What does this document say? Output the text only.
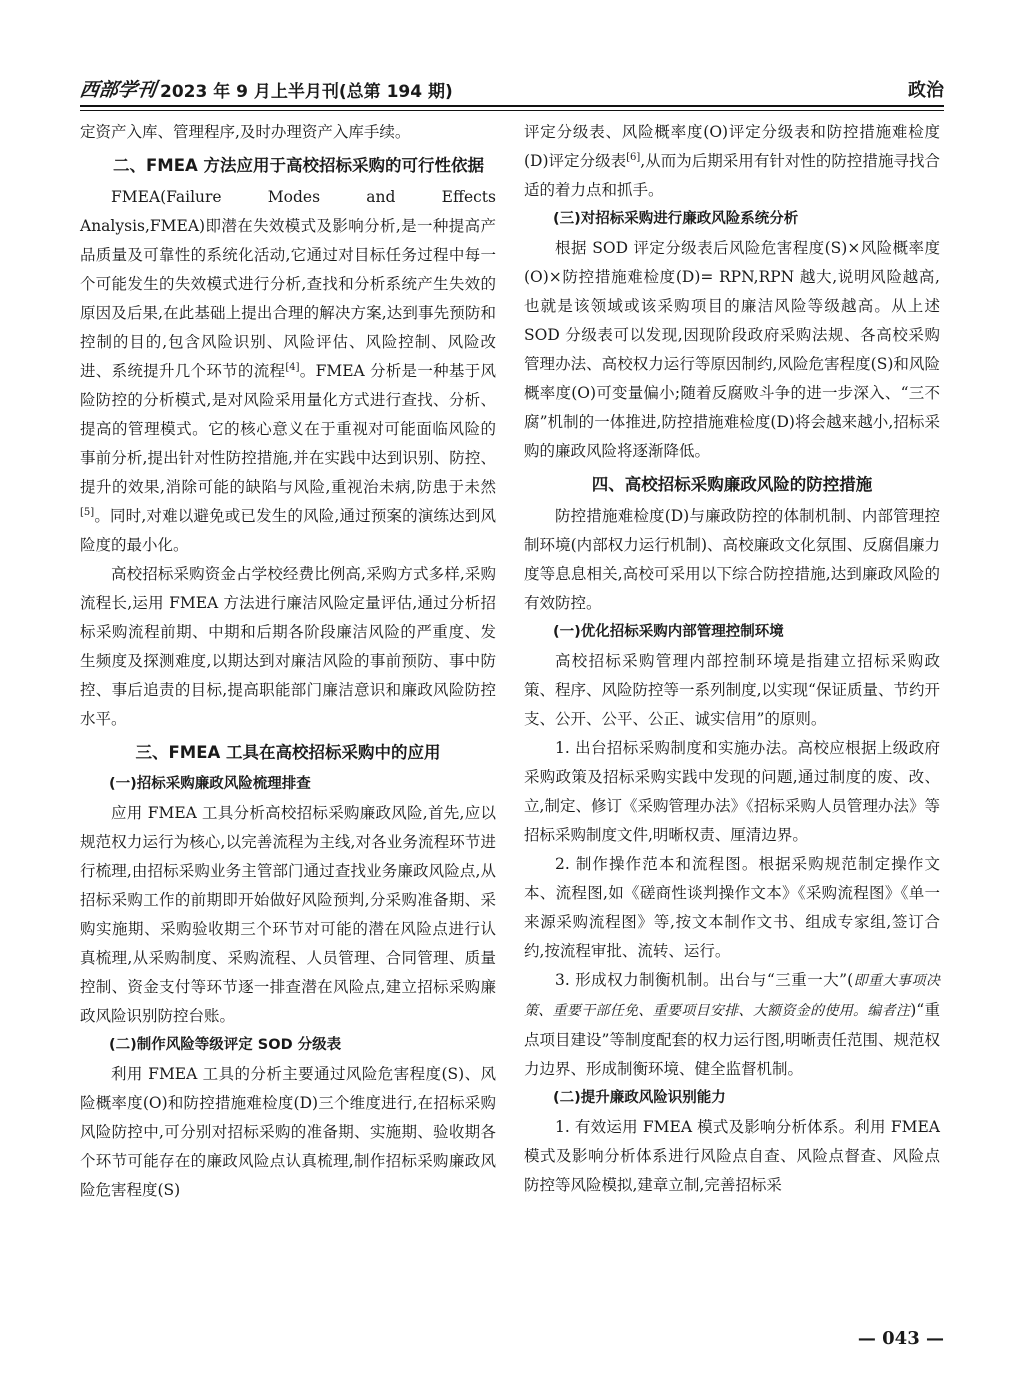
西部学刊 2023 年 9 月上半月刊(总第 194 期)	政治

定资产入库、管理程序,及时办理资产入库手续。

二、FMEA 方法应用于高校招标采购的可行性依据

FMEA(Failure Modes and Effects Analysis,FMEA)即潜在失效模式及影响分析,是一种提高产品质量及可靠性的系统化活动,它通过对目标任务过程中每一个可能发生的失效模式进行分析,查找和分析系统产生失效的原因及后果,在此基础上提出合理的解决方案,达到事先预防和控制的目的,包含风险识别、风险评估、风险控制、风险改进、系统提升几个环节的流程[4]。FMEA 分析是一种基于风险防控的分析模式,是对风险采用量化方式进行查找、分析、提高的管理模式。它的核心意义在于重视对可能面临风险的事前分析,提出针对性防控措施,并在实践中达到识别、防控、提升的效果,消除可能的缺陷与风险,重视治未病,防患于未然[5]。同时,对难以避免或已发生的风险,通过预案的演练达到风险度的最小化。

高校招标采购资金占学校经费比例高,采购方式多样,采购流程长,运用 FMEA 方法进行廉洁风险定量评估,通过分析招标采购流程前期、中期和后期各阶段廉洁风险的严重度、发生频度及探测难度,以期达到对廉洁风险的事前预防、事中防控、事后追责的目标,提高职能部门廉洁意识和廉政风险防控水平。

三、FMEA 工具在高校招标采购中的应用
(一)招标采购廉政风险梳理排查

应用 FMEA 工具分析高校招标采购廉政风险,首先,应以规范权力运行为核心,以完善流程为主线,对各业务流程环节进行梳理,由招标采购业务主管部门通过查找业务廉政风险点,从招标采购工作的前期即开始做好风险预判,分采购准备期、采购实施期、采购验收期三个环节对可能的潜在风险点进行认真梳理,从采购制度、采购流程、人员管理、合同管理、质量控制、资金支付等环节逐一排查潜在风险点,建立招标采购廉政风险识别防控台账。

(二)制作风险等级评定 SOD 分级表

利用 FMEA 工具的分析主要通过风险危害程度(S)、风险概率度(O)和防控措施难检度(D)三个维度进行,在招标采购风险防控中,可分别对招标采购的准备期、实施期、验收期各个环节可能存在的廉政风险点认真梳理,制作招标采购廉政风险危害程度(S)

评定分级表、风险概率度(O)评定分级表和防控措施难检度(D)评定分级表[6],从而为后期采用有针对性的防控措施寻找合适的着力点和抓手。

(三)对招标采购进行廉政风险系统分析

根据 SOD 评定分级表后风险危害程度(S)×风险概率度(O)×防控措施难检度(D)= RPN,RPN 越大,说明风险越高,也就是该领域或该采购项目的廉洁风险等级越高。从上述 SOD 分级表可以发现,因现阶段政府采购法规、各高校采购管理办法、高校权力运行等原因制约,风险危害程度(S)和风险概率度(O)可变量偏小;随着反腐败斗争的进一步深入、“三不腐”机制的一体推进,防控措施难检度(D)将会越来越小,招标采购的廉政风险将逐渐降低。

四、高校招标采购廉政风险的防控措施

防控措施难检度(D)与廉政防控的体制机制、内部管理控制环境(内部权力运行机制)、高校廉政文化氛围、反腐倡廉力度等息息相关,高校可采用以下综合防控措施,达到廉政风险的有效防控。

(一)优化招标采购内部管理控制环境

高校招标采购管理内部控制环境是指建立招标采购政策、程序、风险防控等一系列制度,以实现“保证质量、节约开支、公开、公平、公正、诚实信用”的原则。

1. 出台招标采购制度和实施办法。高校应根据上级政府采购政策及招标采购实践中发现的问题,通过制度的废、改、立,制定、修订《采购管理办法》《招标采购人员管理办法》等招标采购制度文件,明晰权责、厘清边界。

2. 制作操作范本和流程图。根据采购规范制定操作文本、流程图,如《磋商性谈判操作文本》《采购流程图》《单一来源采购流程图》等,按文本制作文书、组成专家组,签订合约,按流程审批、流转、运行。

3. 形成权力制衡机制。出台与“三重一大”(即重大事项决策、重要干部任免、重要项目安排、大额资金的使用。编者注)“重点项目建设”等制度配套的权力运行图,明晰责任范围、规范权力边界、形成制衡环境、健全监督机制。

(二)提升廉政风险识别能力

1. 有效运用 FMEA 模式及影响分析体系。利用 FMEA 模式及影响分析体系进行风险点自查、风险点督查、风险点防控等风险模拟,建章立制,完善招标采

— 043 —
